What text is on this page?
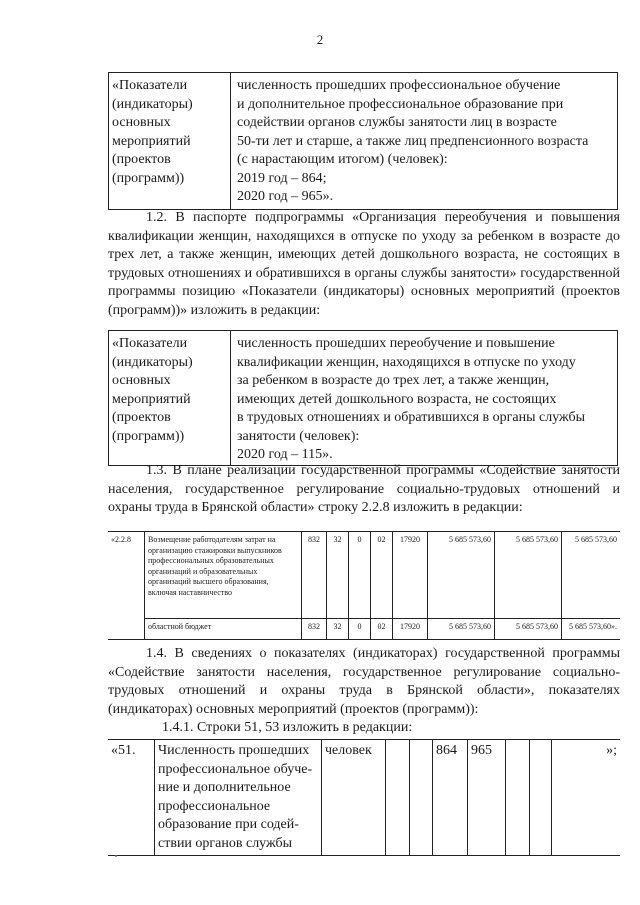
2
«Показатели
(индикаторы)
основных
мероприятий
(проектов
(программ))	численность прошедших профессиональное обучение
и дополнительное профессиональное образование при
содействии органов службы занятости лиц в возрасте
50-ти лет и старше, а также лиц предпенсионного возраста
(с нарастающим итогом) (человек):
2019 год – 864;
2020 год – 965».

1.2. В паспорте подпрограммы «Организация переобучения и повышения квалификации женщин, находящихся в отпуске по уходу за ребенком в возрасте до трех лет, а также женщин, имеющих детей дошкольного возраста, не состоящих в трудовых отношениях и обратившихся в органы службы занятости» государственной программы позицию «Показатели (индикаторы) основных мероприятий (проектов (программ))» изложить в редакции:

«Показатели
(индикаторы)
основных
мероприятий
(проектов
(программ))	численность прошедших переобучение и повышение
квалификации женщин, находящихся в отпуске по уходу
за ребенком в возрасте до трех лет, а также женщин,
имеющих детей дошкольного возраста, не состоящих
в трудовых отношениях и обратившихся в органы службы
занятости (человек):
2020 год – 115».

1.3. В плане реализации государственной программы «Содействие занятости населения, государственное регулирование социально-трудовых отношений и охраны труда в Брянской области» строку 2.2.8 изложить в редакции:

«2.2.8	Возмещение работодателям затрат на организацию стажировки выпускников профессиональных образовательных организаций и образовательных организаций высшего образования, включая наставничество	832	32	0	02	17920	5 685 573,60	5 685 573,60	5 685 573,60
	областной бюджет	832	32	0	02	17920	5 685 573,60	5 685 573,60	5 685 573,60».

1.4. В сведениях о показателях (индикаторах) государственной программы «Содействие занятости населения, государственное регулирование социально-трудовых отношений и охраны труда в Брянской области», показателях (индикаторах) основных мероприятий (проектов (программ)):

1.4.1. Строки 51, 53 изложить в редакции:

«51.	Численность прошедших
профессиональное обуче-
ние и дополнительное
профессиональное
образование при содей-
ствии органов службы	человек			864	965			»;
